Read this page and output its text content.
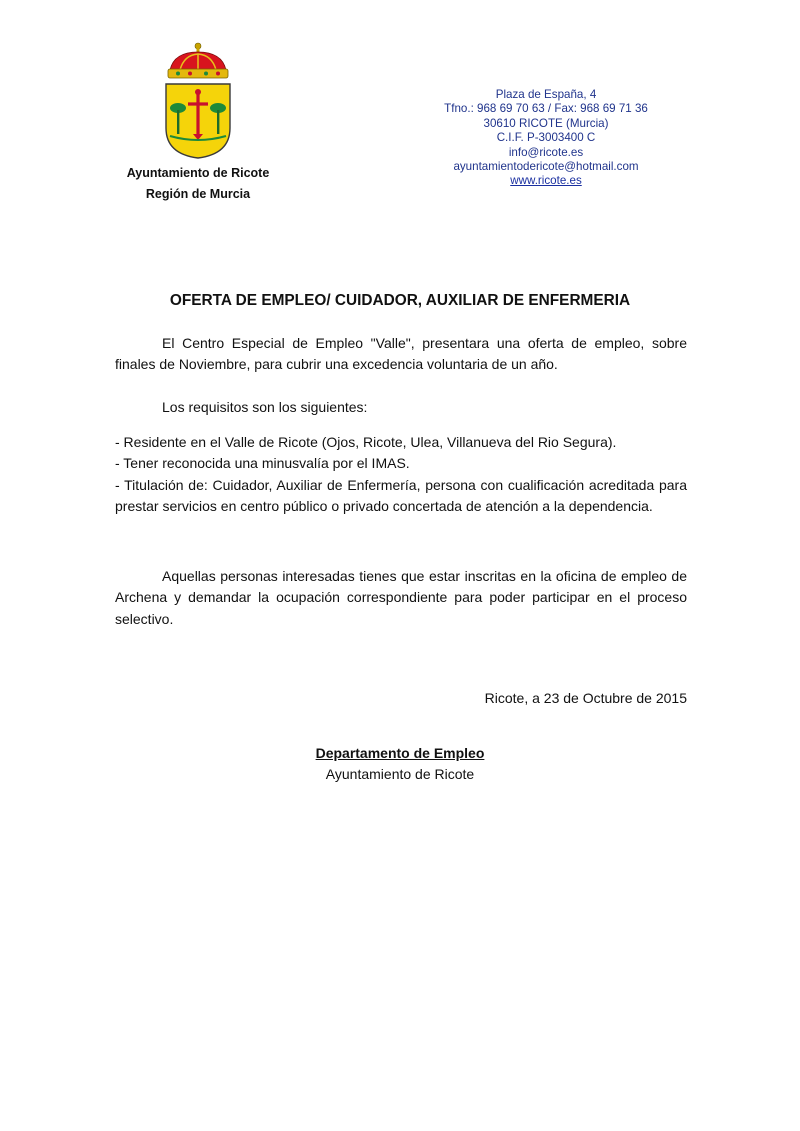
Ayuntamiento de Ricote
Región de Murcia
Plaza de España, 4
Tfno.: 968 69 70 63 / Fax: 968 69 71 36
30610 RICOTE (Murcia)
C.I.F. P-3003400 C
info@ricote.es
ayuntamientodericote@hotmail.com
www.ricote.es
OFERTA DE EMPLEO/ CUIDADOR, AUXILIAR DE ENFERMERIA
El Centro Especial de Empleo "Valle", presentara una oferta de empleo, sobre finales de Noviembre, para cubrir una excedencia voluntaria de un año.
Los requisitos son los siguientes:
- Residente en el Valle de Ricote (Ojos, Ricote, Ulea, Villanueva del Rio Segura).
- Tener reconocida una minusvalía por el IMAS.
- Titulación de: Cuidador, Auxiliar de Enfermería, persona con cualificación acreditada para prestar servicios en centro público o privado concertada de atención a la dependencia.
Aquellas personas interesadas tienes que estar inscritas en la oficina de empleo de Archena y demandar la ocupación correspondiente para poder participar en el proceso selectivo.
Ricote, a 23 de Octubre de 2015
Departamento de Empleo
Ayuntamiento de Ricote
